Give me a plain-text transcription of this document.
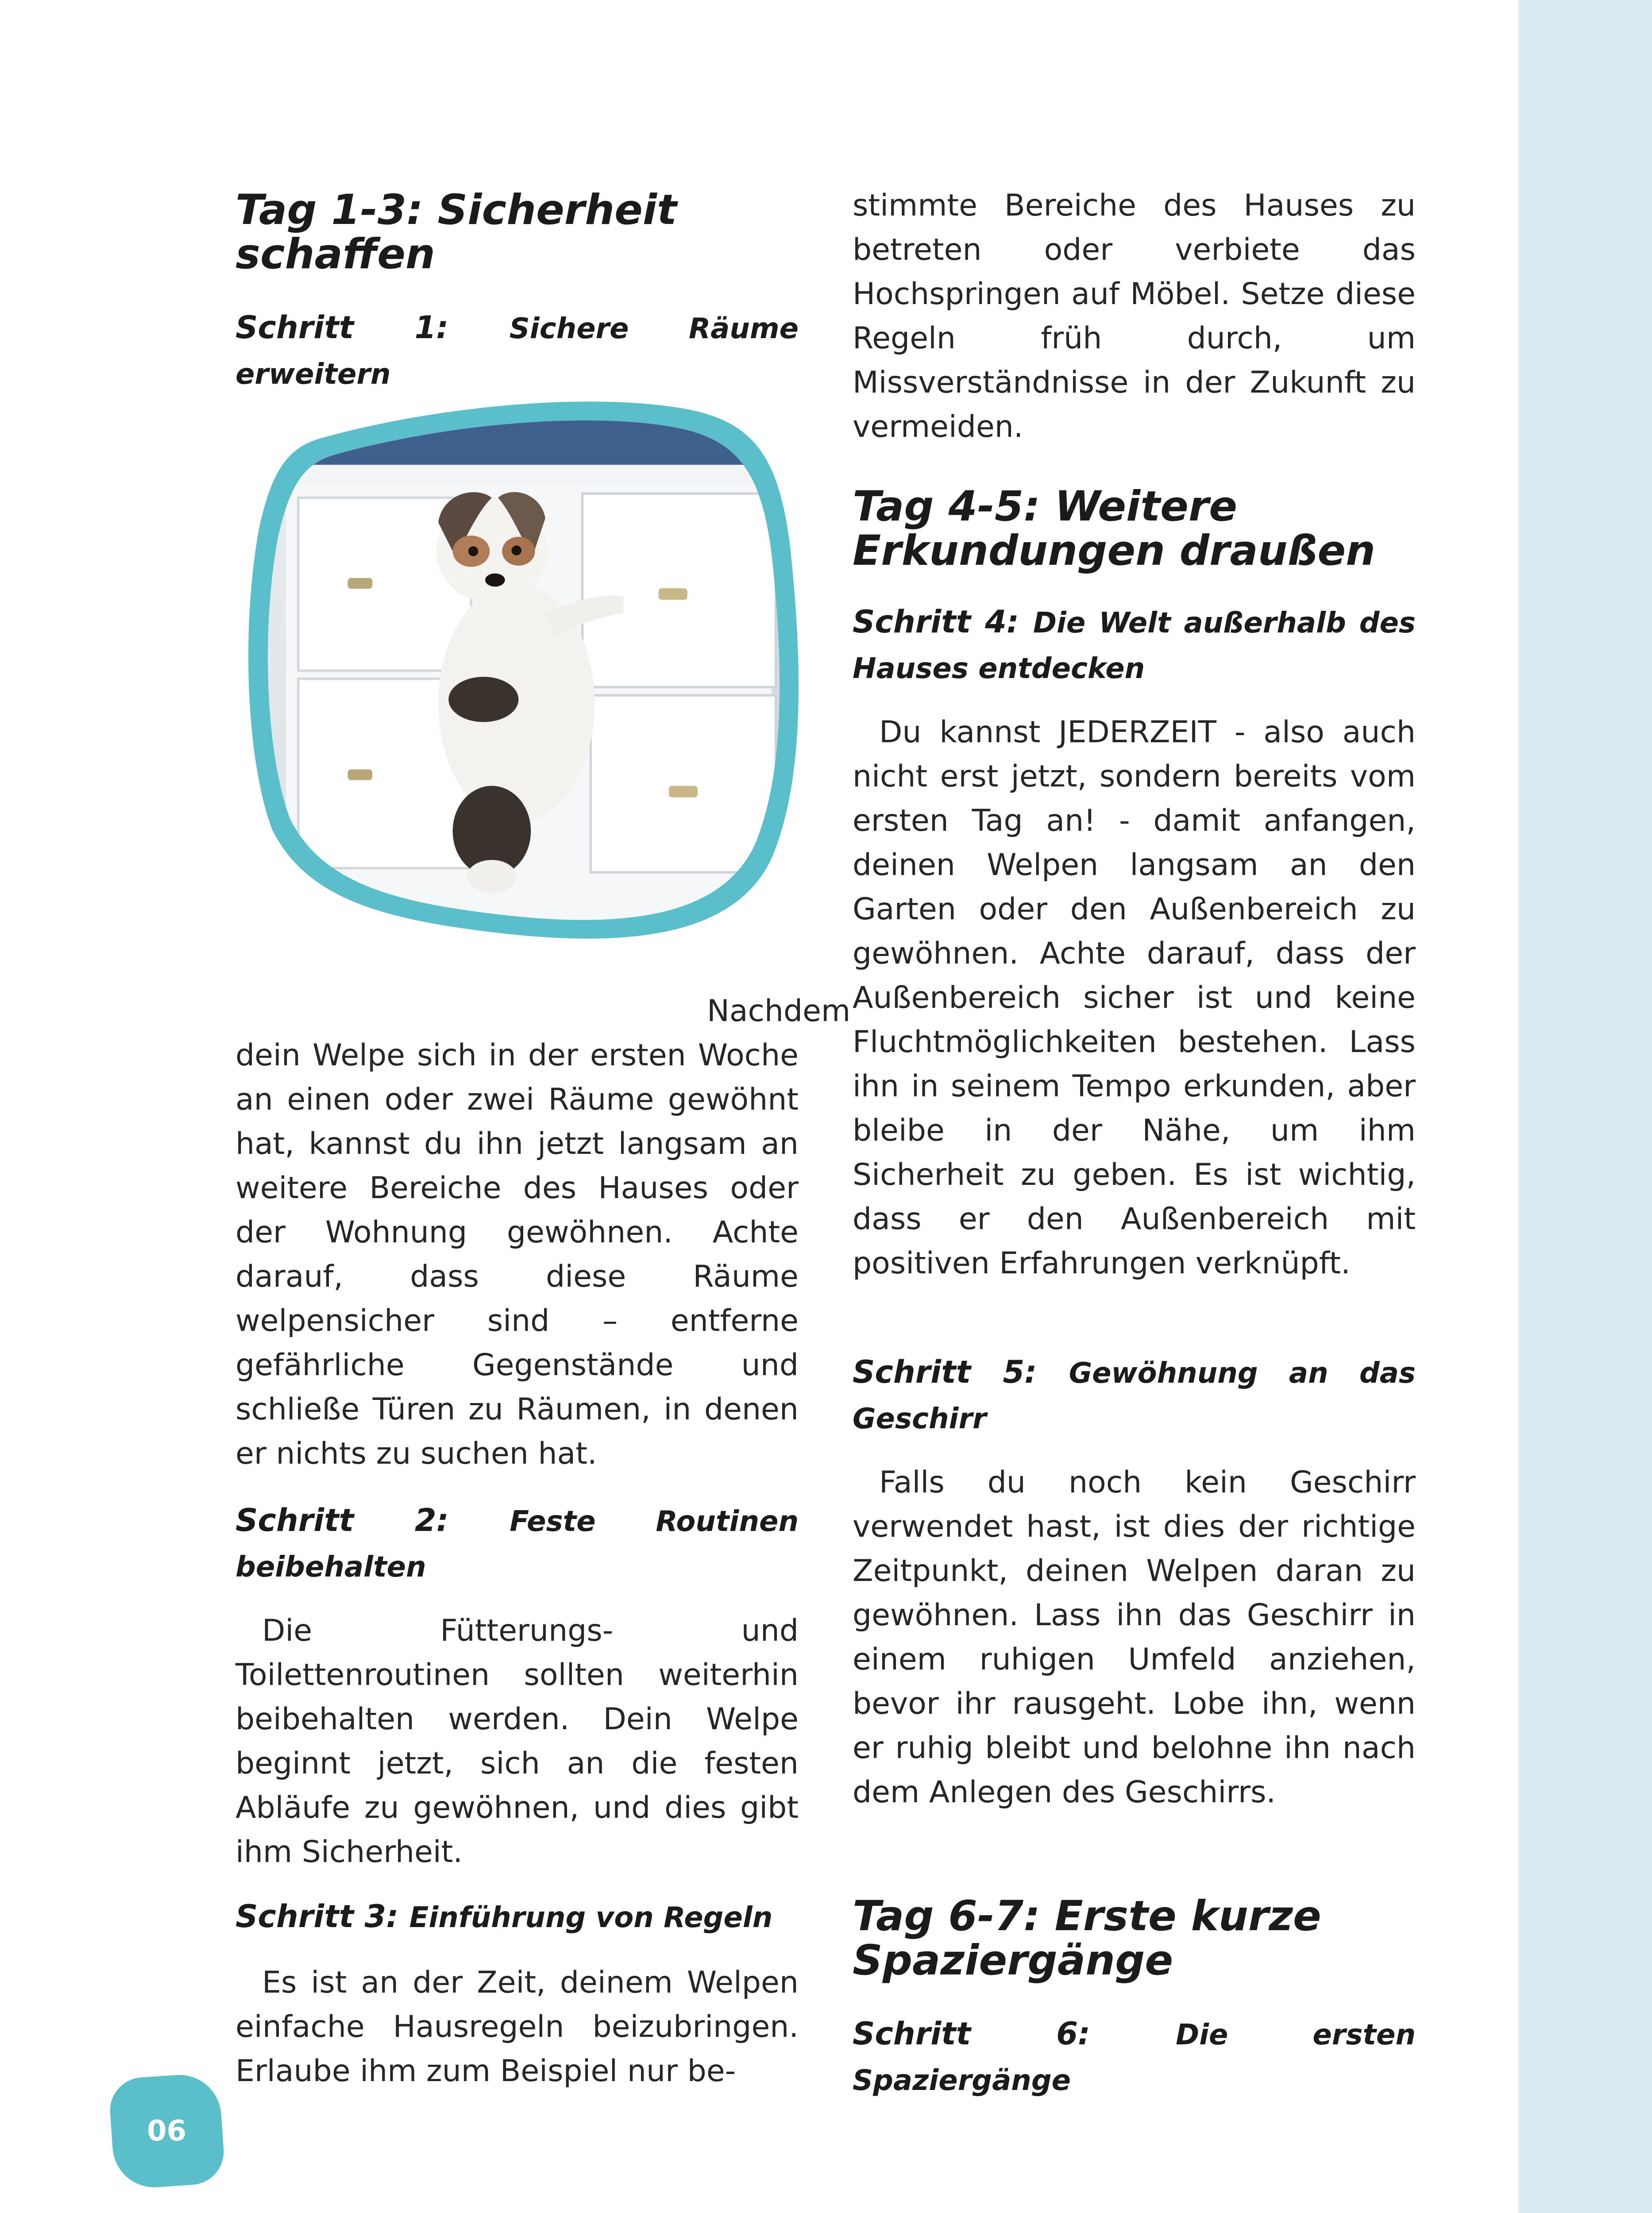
Tag 1-3: Sicherheit schaffen

Schritt 1: Sichere Räume erweitern

Nachdem dein Welpe sich in der ersten Woche an einen oder zwei Räume gewöhnt hat, kannst du ihn jetzt langsam an weitere Bereiche des Hauses oder der Wohnung gewöhnen. Achte darauf, dass diese Räume welpensicher sind – entferne gefährliche Gegenstände und schließe Türen zu Räumen, in denen er nichts zu suchen hat.

Schritt 2: Feste Routinen beibehalten

Die Fütterungs- und Toilettenroutinen sollten weiterhin beibehalten werden. Dein Welpe beginnt jetzt, sich an die festen Abläufe zu gewöhnen, und dies gibt ihm Sicherheit.

Schritt 3: Einführung von Regeln

Es ist an der Zeit, deinem Welpen einfache Hausregeln beizubringen. Erlaube ihm zum Beispiel nur be-

stimmte Bereiche des Hauses zu betreten oder verbiete das Hochspringen auf Möbel. Setze diese Regeln früh durch, um Missverständnisse in der Zukunft zu vermeiden.

Tag 4-5: Weitere Erkundungen draußen

Schritt 4: Die Welt außerhalb des Hauses entdecken

Du kannst JEDERZEIT - also auch nicht erst jetzt, sondern bereits vom ersten Tag an! - damit anfangen, deinen Welpen langsam an den Garten oder den Außenbereich zu gewöhnen. Achte darauf, dass der Außenbereich sicher ist und keine Fluchtmöglichkeiten bestehen. Lass ihn in seinem Tempo erkunden, aber bleibe in der Nähe, um ihm Sicherheit zu geben. Es ist wichtig, dass er den Außenbereich mit positiven Erfahrungen verknüpft.

Schritt 5: Gewöhnung an das Geschirr

Falls du noch kein Geschirr verwendet hast, ist dies der richtige Zeitpunkt, deinen Welpen daran zu gewöhnen. Lass ihn das Geschirr in einem ruhigen Umfeld anziehen, bevor ihr rausgeht. Lobe ihn, wenn er ruhig bleibt und belohne ihn nach dem Anlegen des Geschirrs.

Tag 6-7: Erste kurze Spaziergänge

Schritt 6:	Die ersten Spaziergänge

06
